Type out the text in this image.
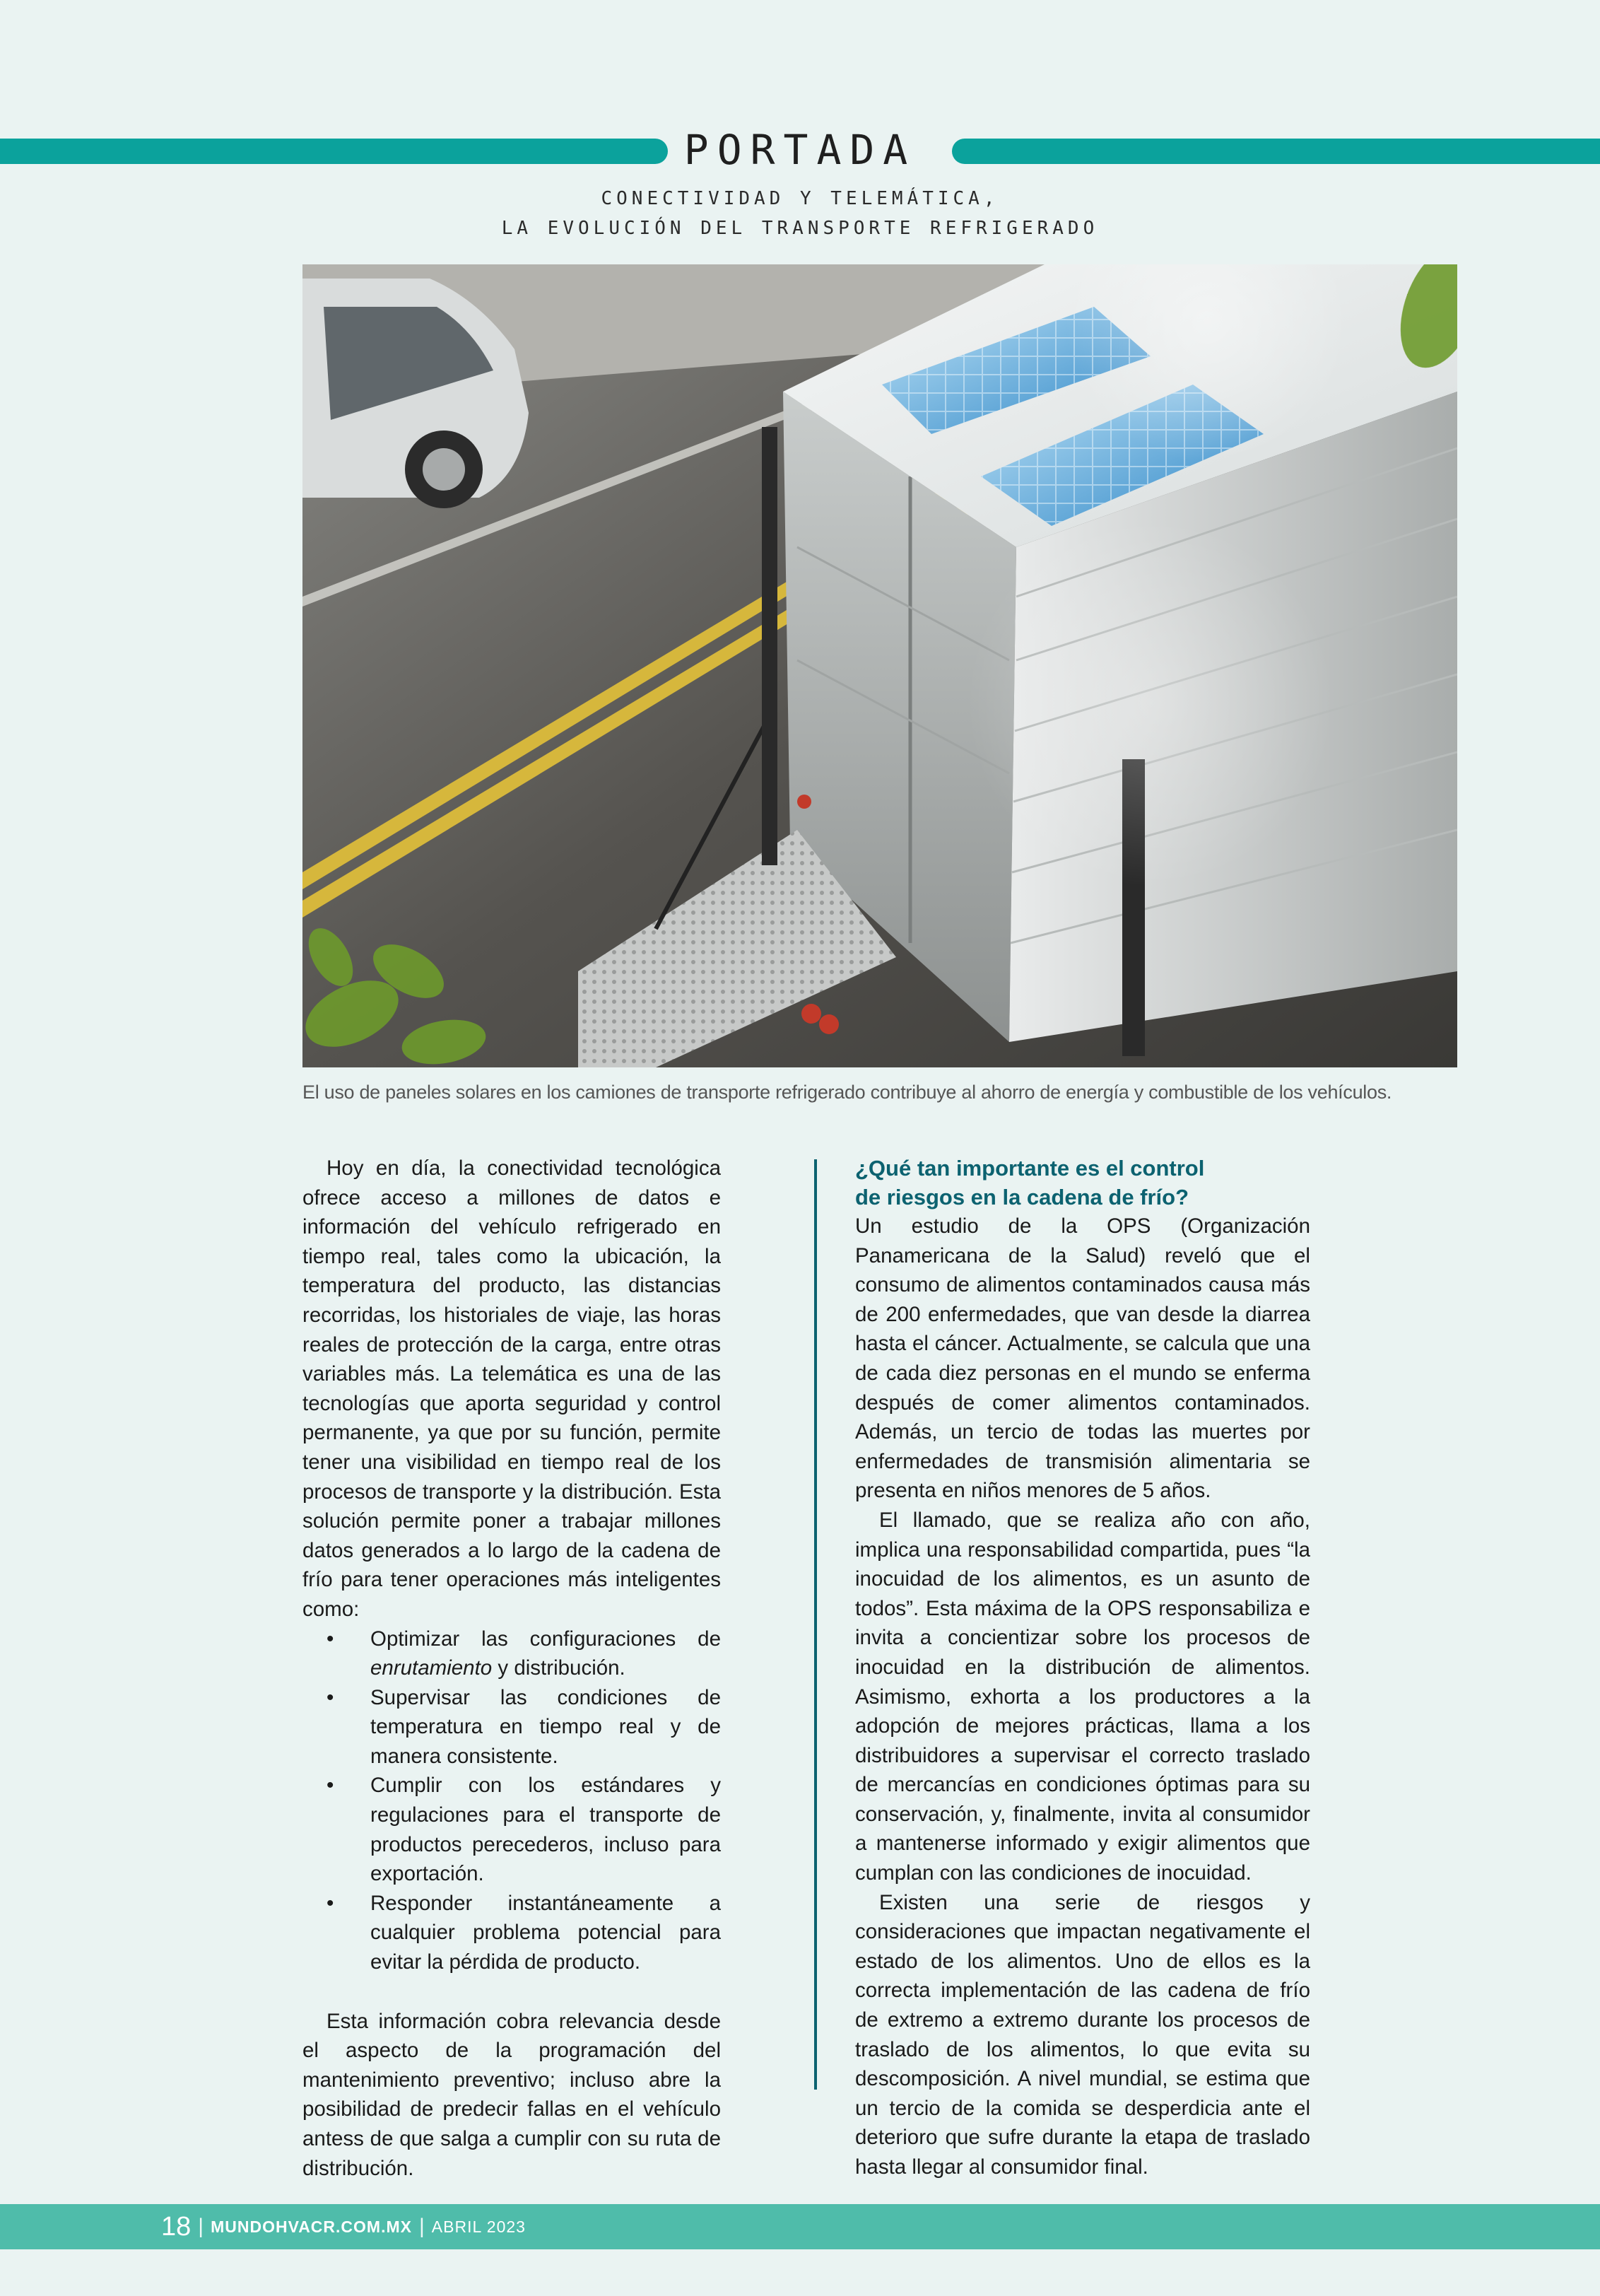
PORTADA
CONECTIVIDAD Y TELEMÁTICA,
LA EVOLUCIÓN DEL TRANSPORTE REFRIGERADO
El uso de paneles solares en los camiones de transporte refrigerado contribuye al ahorro de energía y combustible de los vehículos.

Hoy en día, la conectividad tecnológica ofrece acceso a millones de datos e información del vehículo refrigerado en tiempo real, tales como la ubicación, la temperatura del producto, las distancias recorridas, los historiales de viaje, las horas reales de protección de la carga, entre otras variables más. La telemática es una de las tecnologías que aporta seguridad y control permanente, ya que por su función, permite tener una visibilidad en tiempo real de los procesos de transporte y la distribución. Esta solución permite poner a trabajar millones datos generados a lo largo de la cadena de frío para tener operaciones más inteligentes como:

• Optimizar las configuraciones de enrutamiento y distribución.
• Supervisar las condiciones de temperatura en tiempo real y de manera consistente.
• Cumplir con los estándares y regulaciones para el transporte de productos perecederos, incluso para exportación.
• Responder instantáneamente a cualquier problema potencial para evitar la pérdida de producto.

Esta información cobra relevancia desde el aspecto de la programación del mantenimiento preventivo; incluso abre la posibilidad de predecir fallas en el vehículo antess de que salga a cumplir con su ruta de distribución.

¿Qué tan importante es el control
de riesgos en la cadena de frío?

Un estudio de la OPS (Organización Panamericana de la Salud) reveló que el consumo de alimentos contaminados causa más de 200 enfermedades, que van desde la diarrea hasta el cáncer. Actualmente, se calcula que una de cada diez personas en el mundo se enferma después de comer alimentos contaminados. Además, un tercio de todas las muertes por enfermedades de transmisión alimentaria se presenta en niños menores de 5 años.

El llamado, que se realiza año con año, implica una responsabilidad compartida, pues “la inocuidad de los alimentos, es un asunto de todos”. Esta máxima de la OPS responsabiliza e invita a concientizar sobre los procesos de inocuidad en la distribución de alimentos. Asimismo, exhorta a los productores a la adopción de mejores prácticas, llama a los distribuidores a supervisar el correcto traslado de mercancías en condiciones óptimas para su conservación, y, finalmente, invita al consumidor a mantenerse informado y exigir alimentos que cumplan con las condiciones de inocuidad.

Existen una serie de riesgos y consideraciones que impactan negativamente el estado de los alimentos. Uno de ellos es la correcta implementación de las cadena de frío de extremo a extremo durante los procesos de traslado de los alimentos, lo que evita su descomposición. A nivel mundial, se estima que un tercio de la comida se desperdicia ante el deterioro que sufre durante la etapa de traslado hasta llegar al consumidor final.

18 | MUNDOHVACR.COM.MX | ABRIL 2023
